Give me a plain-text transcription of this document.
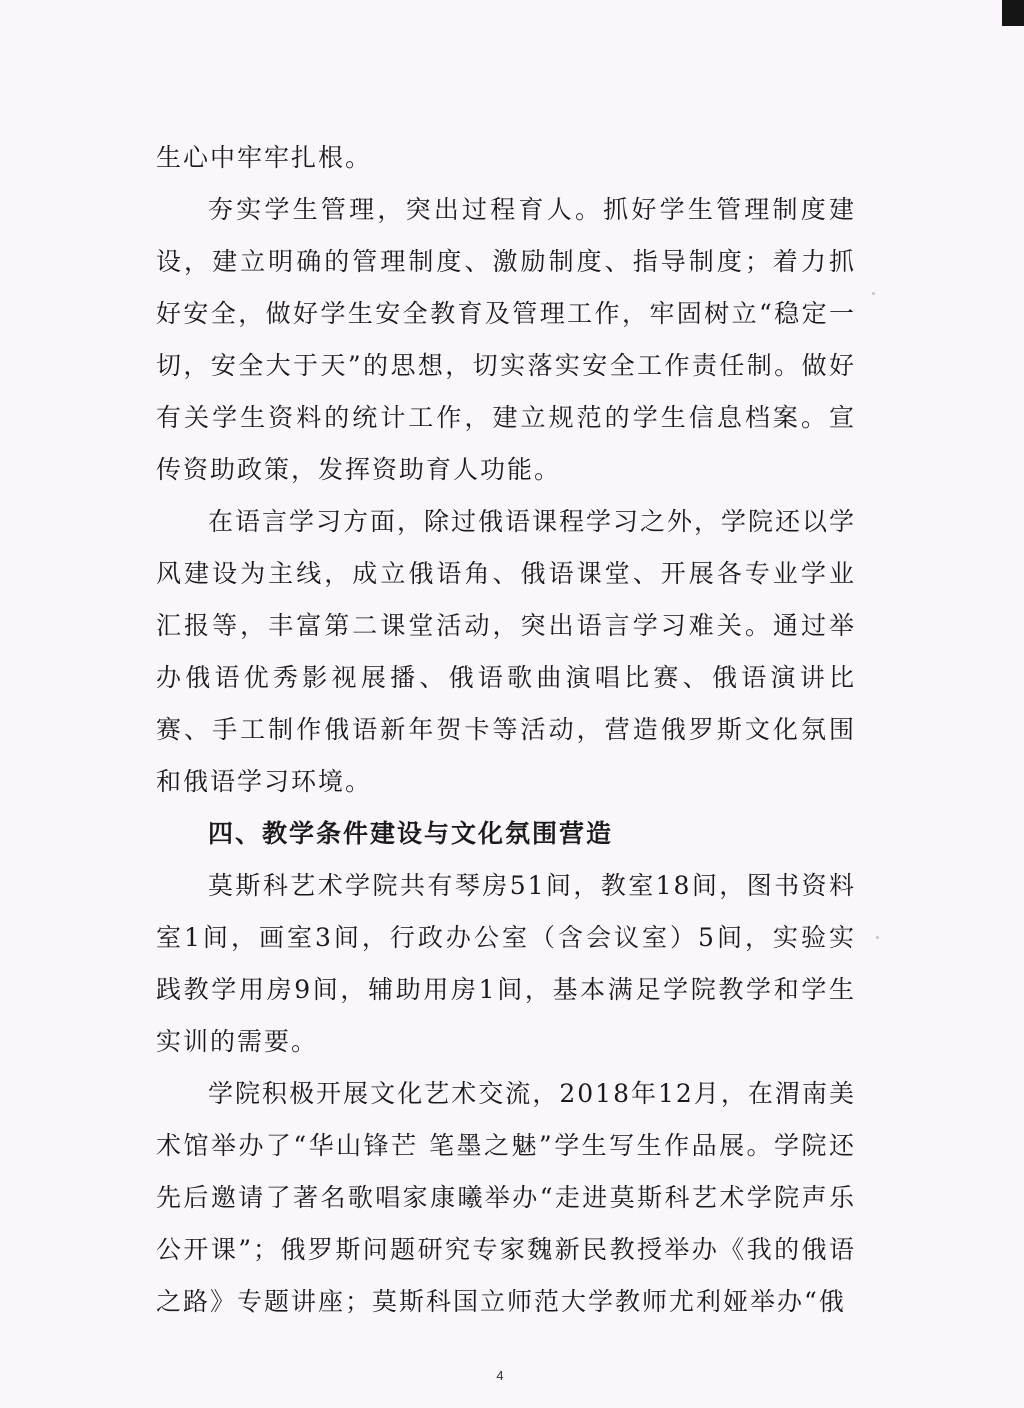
生心中牢牢扎根。

夯实学生管理，突出过程育人。抓好学生管理制度建设，建立明确的管理制度、激励制度、指导制度；着力抓好安全，做好学生安全教育及管理工作，牢固树立“稳定一切，安全大于天”的思想，切实落实安全工作责任制。做好有关学生资料的统计工作，建立规范的学生信息档案。宣传资助政策，发挥资助育人功能。

在语言学习方面，除过俄语课程学习之外，学院还以学风建设为主线，成立俄语角、俄语课堂、开展各专业学业汇报等，丰富第二课堂活动，突出语言学习难关。通过举办俄语优秀影视展播、俄语歌曲演唱比赛、俄语演讲比赛、手工制作俄语新年贺卡等活动，营造俄罗斯文化氛围和俄语学习环境。

四、教学条件建设与文化氛围营造

莫斯科艺术学院共有琴房51间，教室18间，图书资料室1间，画室3间，行政办公室（含会议室）5间，实验实践教学用房9间，辅助用房1间，基本满足学院教学和学生实训的需要。

学院积极开展文化艺术交流，2018年12月，在渭南美术馆举办了“华山锋芒 笔墨之魅”学生写生作品展。学院还先后邀请了著名歌唱家康曦举办“走进莫斯科艺术学院声乐公开课”；俄罗斯问题研究专家魏新民教授举办《我的俄语之路》专题讲座；莫斯科国立师范大学教师尤利娅举办“俄

4
